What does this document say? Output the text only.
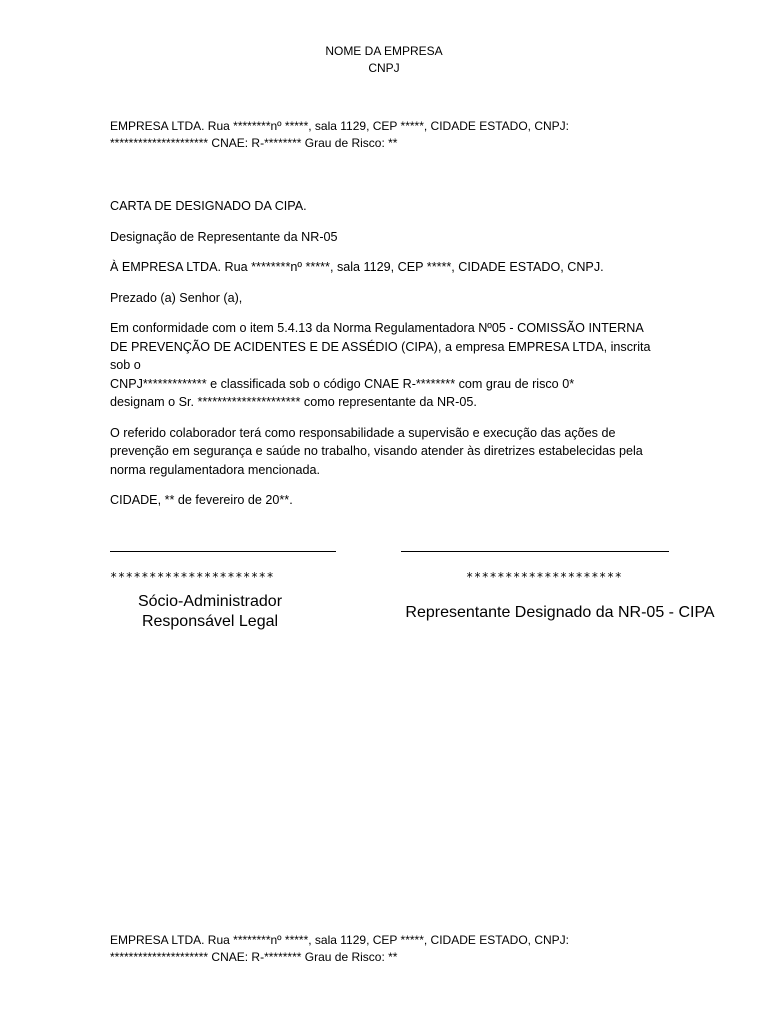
NOME DA EMPRESA
CNPJ
EMPRESA LTDA. Rua ********nº *****, sala 1129, CEP *****, CIDADE ESTADO, CNPJ:
********************* CNAE: R-******** Grau de Risco: **

CARTA DE DESIGNADO DA CIPA.

Designação de Representante da NR-05

À EMPRESA LTDA. Rua ********nº *****, sala 1129, CEP *****, CIDADE ESTADO, CNPJ.

Prezado (a) Senhor (a),

Em conformidade com o item 5.4.13 da Norma Regulamentadora Nº05 - COMISSÃO INTERNA
DE PREVENÇÃO DE ACIDENTES E DE ASSÉDIO (CIPA), a empresa EMPRESA LTDA, inscrita sob o
CNPJ************* e classificada sob o código CNAE R-******** com grau de risco 0*
designam o Sr. ********************* como representante da NR-05.
O referido colaborador terá como responsabilidade a supervisão e execução das ações de
prevenção em segurança e saúde no trabalho, visando atender às diretrizes estabelecidas pela
norma regulamentadora mencionada.

CIDADE, ** de fevereiro de 20**.

*********************
Sócio-Administrador
Responsável Legal
********************
Representante Designado da NR-05 - CIPA
EMPRESA LTDA. Rua ********nº *****, sala 1129, CEP *****, CIDADE ESTADO, CNPJ:
********************* CNAE: R-******** Grau de Risco: **
